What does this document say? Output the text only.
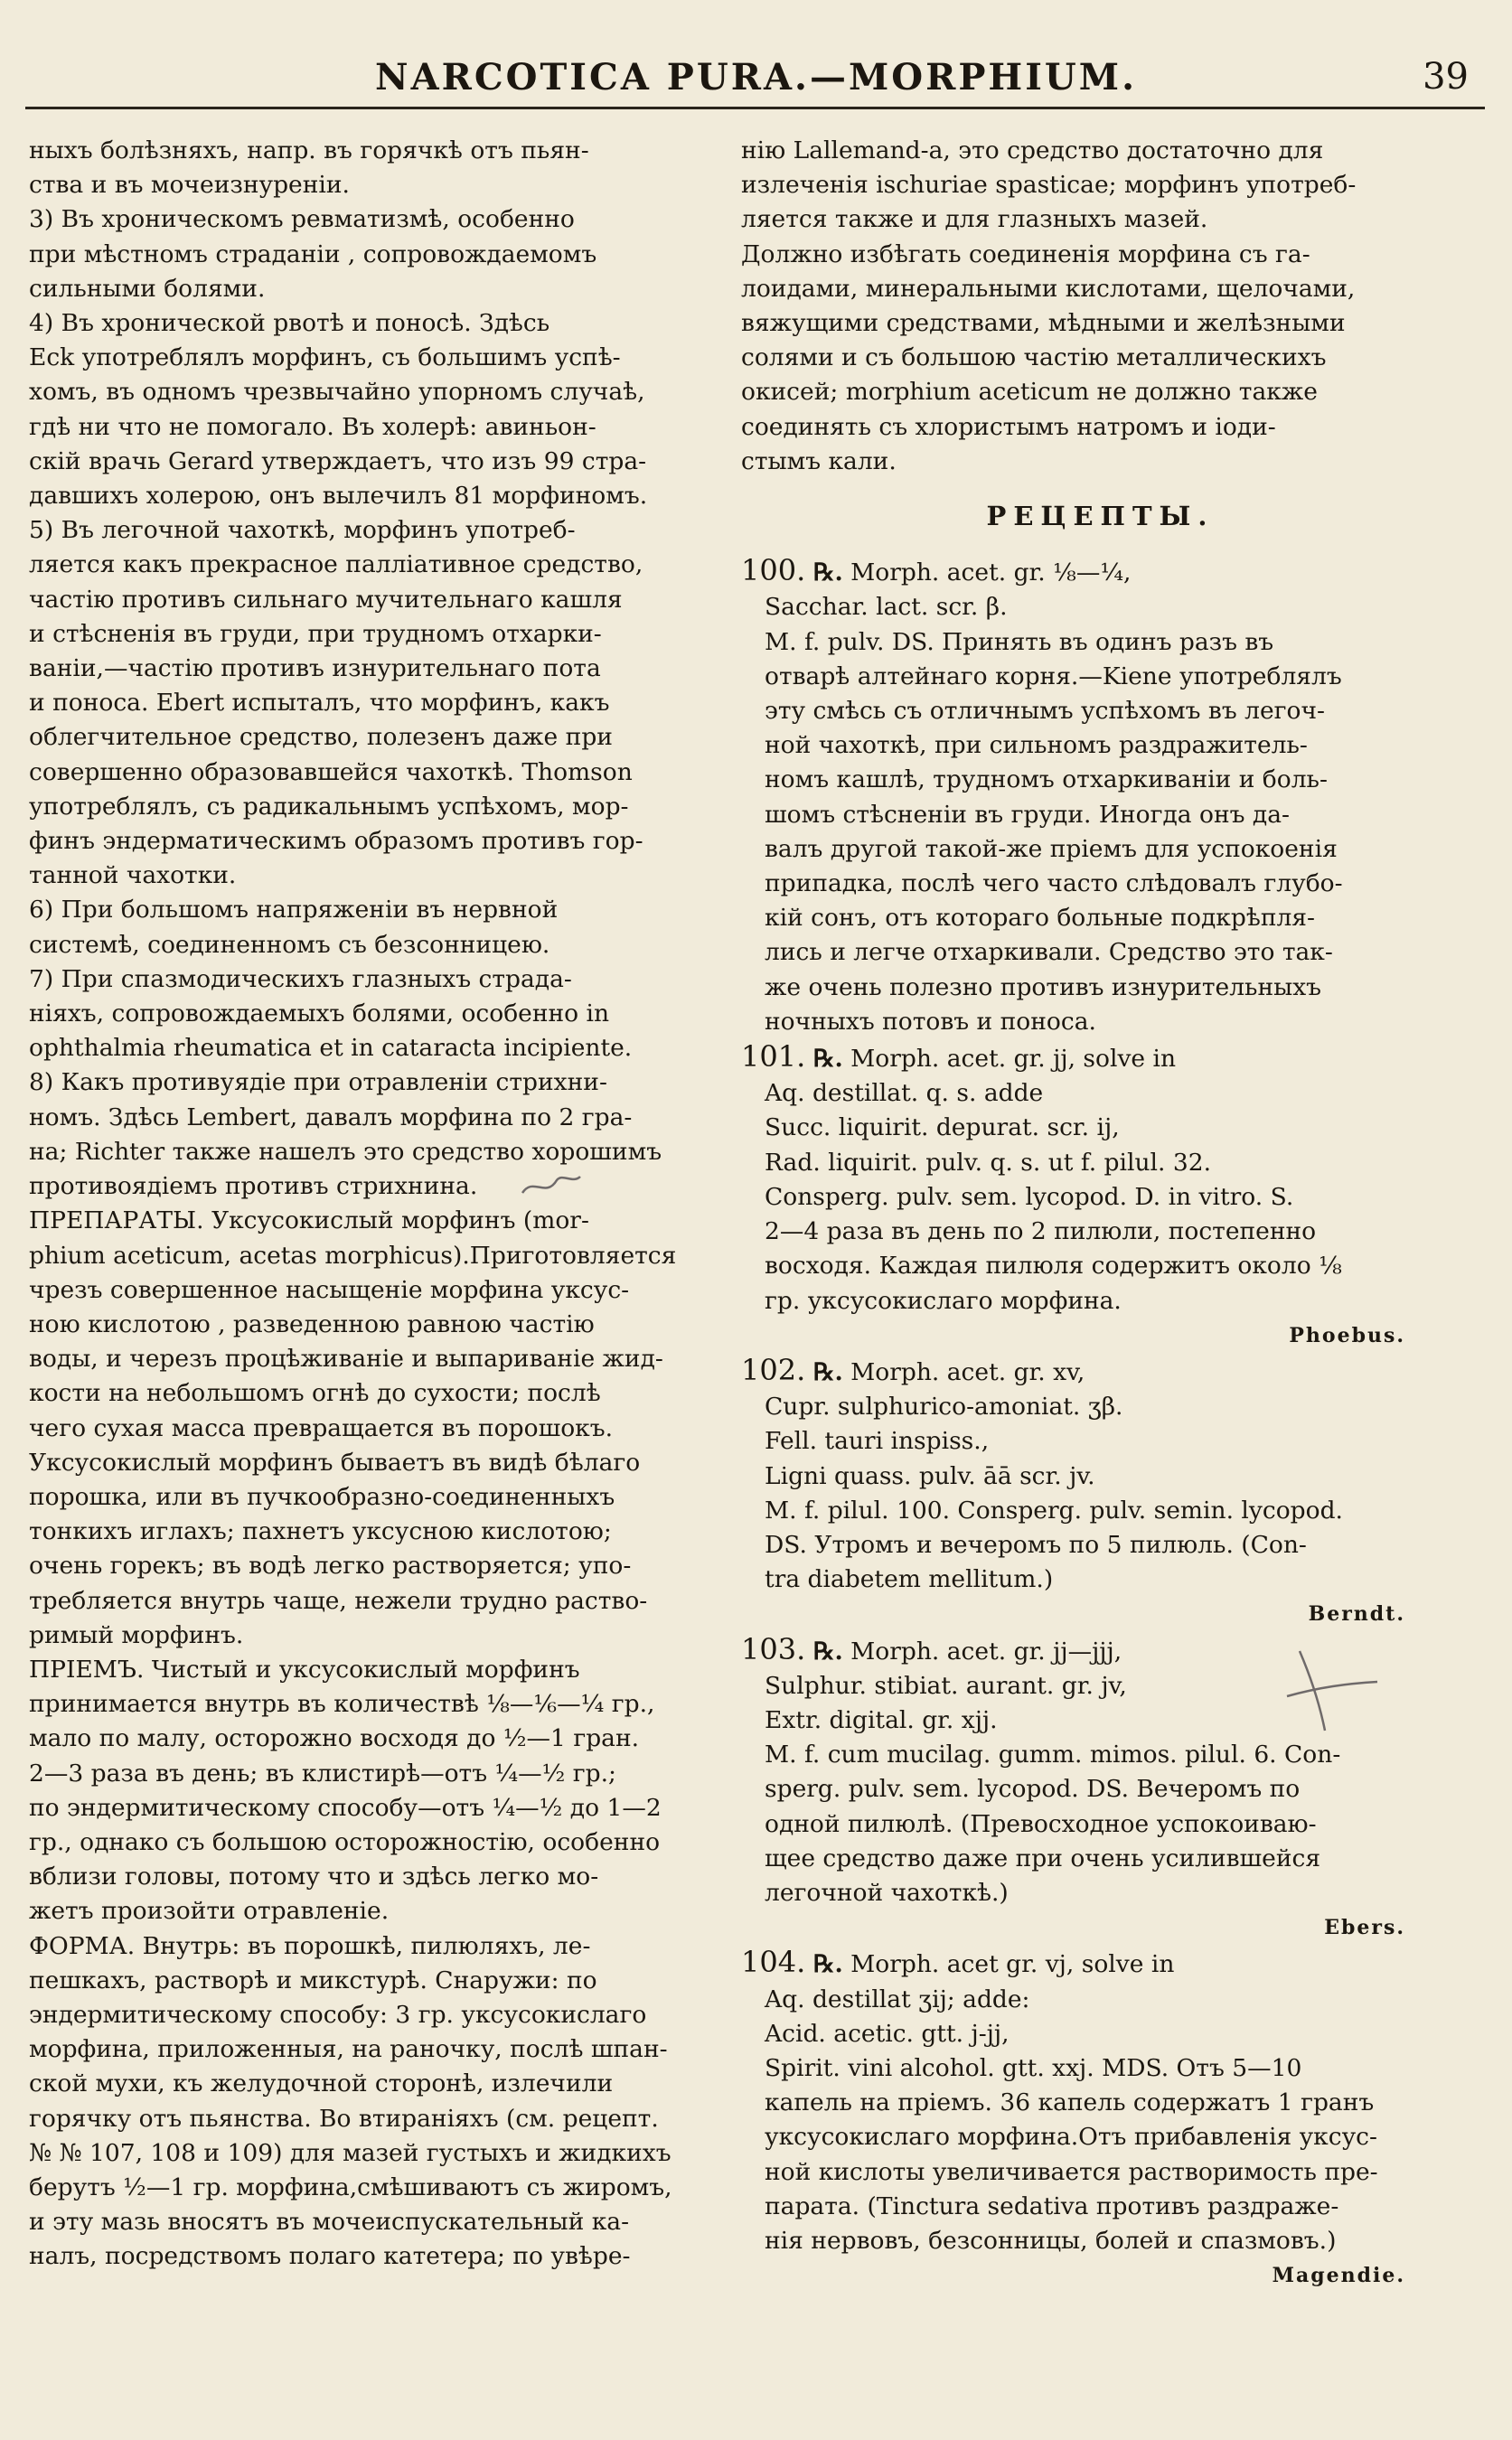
NARCOTICA PURA.—MORPHIUM.	39

ныхъ болѣзняхъ, напр. въ горячкѣ отъ пьян-

ства и въ мочеизнуреніи.

3) Въ хроническомъ ревматизмѣ, особенно

при мѣстномъ страданіи , сопровождаемомъ

сильными болями.

4) Въ хронической рвотѣ и поносѣ. Здѣсь

Eck употреблялъ морфинъ, съ большимъ успѣ-

хомъ, въ одномъ чрезвычайно упорномъ случаѣ,

гдѣ ни что не помогало. Въ холерѣ: авиньон-

скій врачь Gerard утверждаетъ, что изъ 99 стра-

давшихъ холерою, онъ вылечилъ 81 морфиномъ.

5) Въ легочной чахоткѣ, морфинъ употреб-

ляется какъ прекрасное палліативное средство,

частію противъ сильнаго мучительнаго кашля

и стѣсненія въ груди, при трудномъ отхарки-

ваніи,—частію противъ изнурительнаго пота

и поноса. Ebert испыталъ, что морфинъ, какъ

облегчительное средство, полезенъ даже при

совершенно образовавшейся чахоткѣ. Thomson

употреблялъ, съ радикальнымъ успѣхомъ, мор-

финъ эндерматическимъ образомъ противъ гор-

танной чахотки.

6) При большомъ напряженіи въ нервной

системѣ, соединенномъ съ безсонницею.

7) При спазмодическихъ глазныхъ страда-

ніяхъ, сопровождаемыхъ болями, особенно in

ophthalmia rheumatica et in cataracta incipiente.

8) Какъ противуядіе при отравленіи стрихни-

номъ. Здѣсь Lembert, давалъ морфина по 2 гра-

на; Richter также нашелъ это средство хорошимъ

противоядіемъ противъ стрихнина.

ПРЕПАРАТЫ. Уксусокислый морфинъ (mor-

phium aceticum, acetas morphicus).Приготовляется

чрезъ совершенное насыщеніе морфина уксус-

ною кислотою , разведенною равною частію

воды, и черезъ процѣживаніе и выпариваніе жид-

кости на небольшомъ огнѣ до сухости; послѣ

чего сухая масса превращается въ порошокъ.

Уксусокислый морфинъ бываетъ въ видѣ бѣлаго

порошка, или въ пучкообразно-соединенныхъ

тонкихъ иглахъ; пахнетъ уксусною кислотою;

очень горекъ; въ водѣ легко растворяется; упо-

требляется внутрь чаще, нежели трудно раство-

римый морфинъ.

ПРІЕМЪ. Чистый и уксусокислый морфинъ

принимается внутрь въ количествѣ ⅛—⅙—¼ гр.,

мало по малу, осторожно восходя до ½—1 гран.

2—3 раза въ день; въ клистирѣ—отъ ¼—½ гр.;

по эндермитическому способу—отъ ¼—½ до 1—2

гр., однако съ большою осторожностію, особенно

вблизи головы, потому что и здѣсь легко мо-

жетъ произойти отравленіе.

ФОРМА. Внутрь: въ порошкѣ, пилюляхъ, ле-

пешкахъ, растворѣ и микстурѣ. Снаружи: по

эндермитическому способу: 3 гр. уксусокислаго

морфина, приложенныя, на раночку, послѣ шпан-

ской мухи, къ желудочной сторонѣ, излечили

горячку отъ пьянства. Во втираніяхъ (см. рецепт.

№ № 107, 108 и 109) для мазей густыхъ и жидкихъ

берутъ ½—1 гр. морфина,смѣшиваютъ съ жиромъ,

и эту мазь вносятъ въ мочеиспускательный ка-

налъ, посредствомъ полаго катетера; по увѣре-

нію Lallemand-a, это средство достаточно для

излеченія ischuriae spasticae; морфинъ употреб-

ляется также и для глазныхъ мазей.

Должно избѣгать соединенія морфина съ га-

лоидами, минеральными кислотами, щелочами,

вяжущими средствами, мѣдными и желѣзными

солями и съ большою частію металлическихъ

окисей; morphium aceticum не должно также

соединять съ хлористымъ натромъ и іоди-

стымъ кали.

РЕЦЕПТЫ.

100. ℞. Morph. acet. gr. ⅛—¼,

Sacchar. lact. scr. β.

M. f. pulv. DS. Принять въ одинъ разъ въ

отварѣ алтейнаго корня.—Kiene употреблялъ

эту смѣсь съ отличнымъ успѣхомъ въ легоч-

ной чахоткѣ, при сильномъ раздражитель-

номъ кашлѣ, трудномъ отхаркиваніи и боль-

шомъ стѣсненіи въ груди. Иногда онъ да-

валъ другой такой-же пріемъ для успокоенія

припадка, послѣ чего часто слѣдовалъ глубо-

кій сонъ, отъ котораго больные подкрѣпля-

лись и легче отхаркивали. Средство это так-

же очень полезно противъ изнурительныхъ

ночныхъ потовъ и поноса.

101. ℞. Morph. acet. gr. jj, solve in

Aq. destillat. q. s. adde

Succ. liquirit. depurat. scr. ij,

Rad. liquirit. pulv. q. s. ut f. pilul. 32.

Consperg. pulv. sem. lycopod. D. in vitro. S.

2—4 раза въ день по 2 пилюли, постепенно

восходя. Каждая пилюля содержитъ около ⅛

гр. уксусокислаго морфина.

Phoebus.

102. ℞. Morph. acet. gr. xv,

Cupr. sulphurico-amoniat. ʒβ.

Fell. tauri inspiss.,

Ligni quass. pulv. āā scr. jv.

M. f. pilul. 100. Consperg. pulv. semin. lycopod.

DS. Утромъ и вечеромъ по 5 пилюль. (Con-

tra diabetem mellitum.)

Berndt.

103. ℞. Morph. acet. gr. jj—jjj,

Sulphur. stibiat. aurant. gr. jv,

Extr. digital. gr. xjj.

M. f. cum mucilag. gumm. mimos. pilul. 6. Con-

sperg. pulv. sem. lycopod. DS. Вечеромъ по

одной пилюлѣ. (Превосходное успокоиваю-

щее средство даже при очень усилившейся

легочной чахоткѣ.)

Ebers.

104. ℞. Morph. acet gr. vj, solve in

Aq. destillat ʒij; adde:

Acid. acetic. gtt. j-jj,

Spirit. vini alcohol. gtt. xxj. MDS. Отъ 5—10

капель на пріемъ. 36 капель содержатъ 1 гранъ

уксусокислаго морфина.Отъ прибавленія уксус-

ной кислоты увеличивается растворимость пре-

парата. (Tinctura sedativa противъ раздраже-

нія нервовъ, безсонницы, болей и спазмовъ.)

Magendie.
